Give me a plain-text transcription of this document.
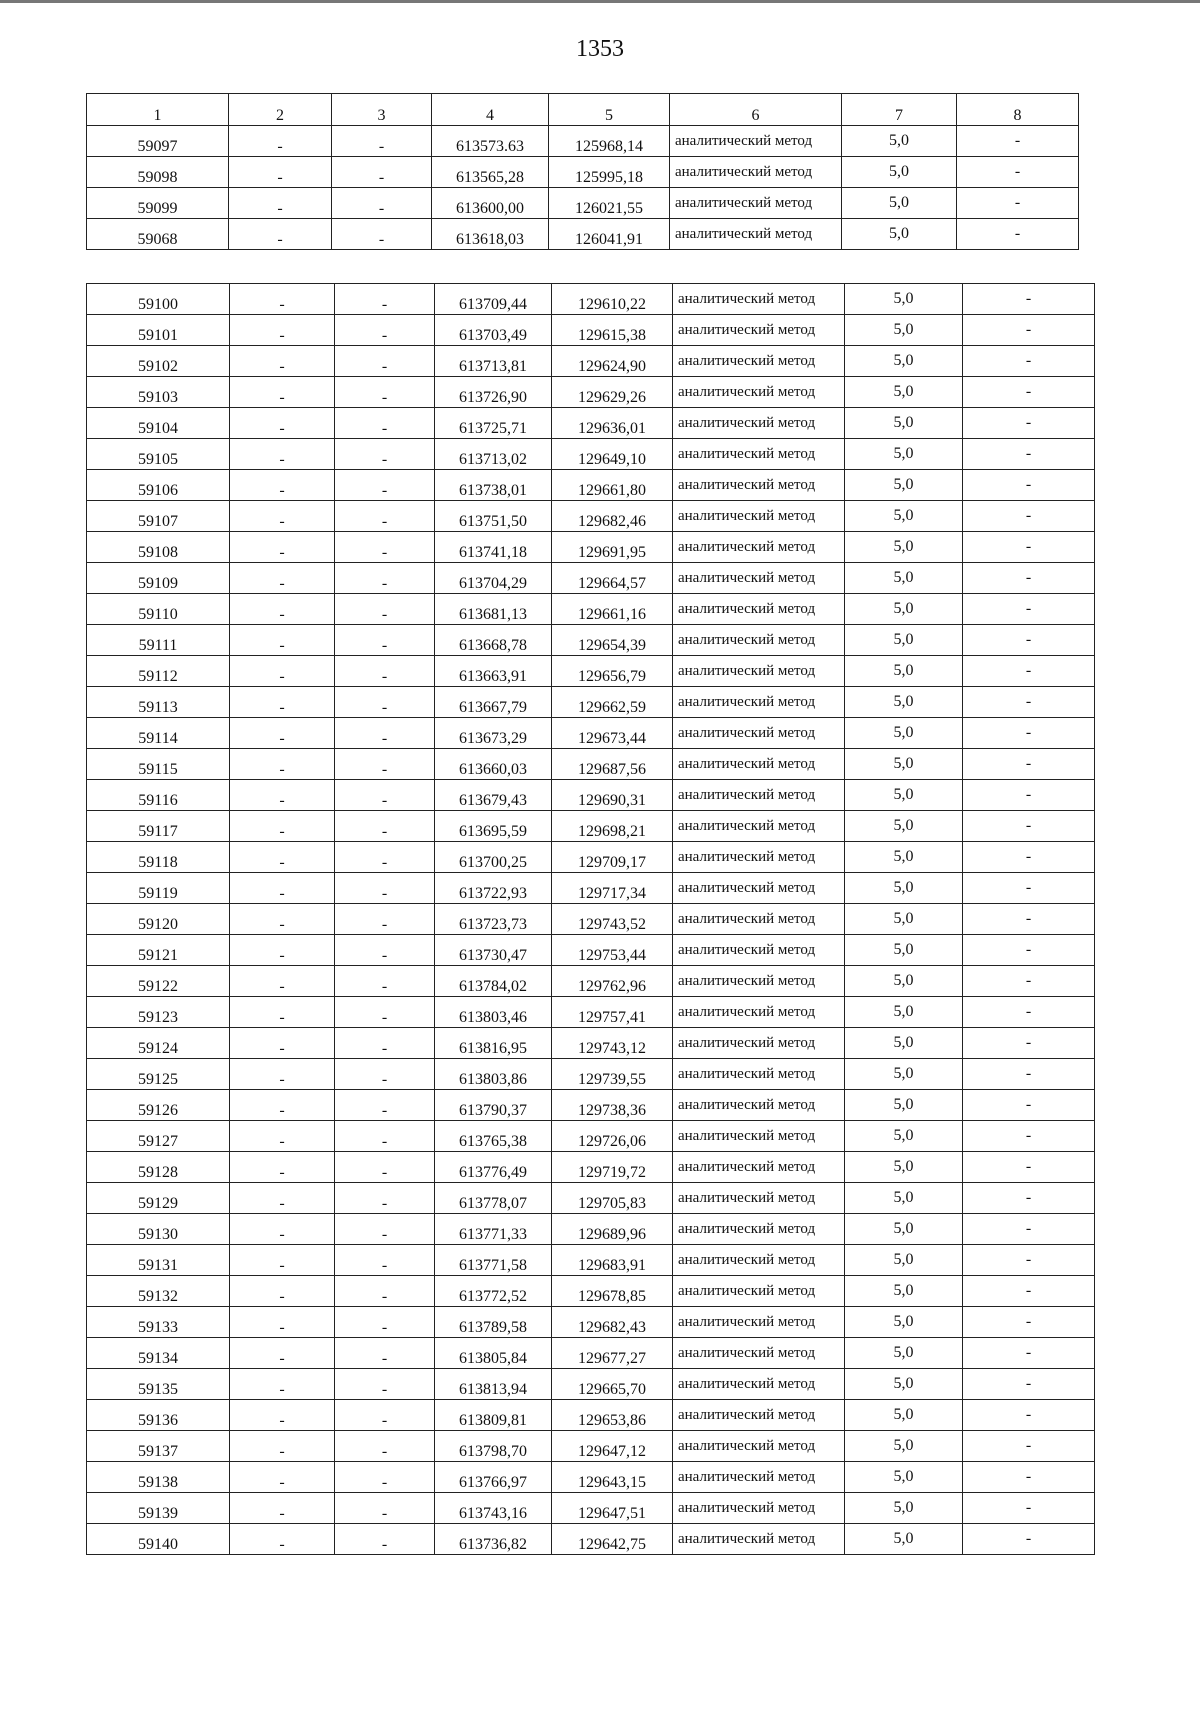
1353
1	2	3	4	5	6	7	8
59097	-	-	613573.63	125968,14	аналитический метод	5,0	-
59098	-	-	613565,28	125995,18	аналитический метод	5,0	-
59099	-	-	613600,00	126021,55	аналитический метод	5,0	-
59068	-	-	613618,03	126041,91	аналитический метод	5,0	-
59100	-	-	613709,44	129610,22	аналитический метод	5,0	-
59101	-	-	613703,49	129615,38	аналитический метод	5,0	-
59102	-	-	613713,81	129624,90	аналитический метод	5,0	-
59103	-	-	613726,90	129629,26	аналитический метод	5,0	-
59104	-	-	613725,71	129636,01	аналитический метод	5,0	-
59105	-	-	613713,02	129649,10	аналитический метод	5,0	-
59106	-	-	613738,01	129661,80	аналитический метод	5,0	-
59107	-	-	613751,50	129682,46	аналитический метод	5,0	-
59108	-	-	613741,18	129691,95	аналитический метод	5,0	-
59109	-	-	613704,29	129664,57	аналитический метод	5,0	-
59110	-	-	613681,13	129661,16	аналитический метод	5,0	-
59111	-	-	613668,78	129654,39	аналитический метод	5,0	-
59112	-	-	613663,91	129656,79	аналитический метод	5,0	-
59113	-	-	613667,79	129662,59	аналитический метод	5,0	-
59114	-	-	613673,29	129673,44	аналитический метод	5,0	-
59115	-	-	613660,03	129687,56	аналитический метод	5,0	-
59116	-	-	613679,43	129690,31	аналитический метод	5,0	-
59117	-	-	613695,59	129698,21	аналитический метод	5,0	-
59118	-	-	613700,25	129709,17	аналитический метод	5,0	-
59119	-	-	613722,93	129717,34	аналитический метод	5,0	-
59120	-	-	613723,73	129743,52	аналитический метод	5,0	-
59121	-	-	613730,47	129753,44	аналитический метод	5,0	-
59122	-	-	613784,02	129762,96	аналитический метод	5,0	-
59123	-	-	613803,46	129757,41	аналитический метод	5,0	-
59124	-	-	613816,95	129743,12	аналитический метод	5,0	-
59125	-	-	613803,86	129739,55	аналитический метод	5,0	-
59126	-	-	613790,37	129738,36	аналитический метод	5,0	-
59127	-	-	613765,38	129726,06	аналитический метод	5,0	-
59128	-	-	613776,49	129719,72	аналитический метод	5,0	-
59129	-	-	613778,07	129705,83	аналитический метод	5,0	-
59130	-	-	613771,33	129689,96	аналитический метод	5,0	-
59131	-	-	613771,58	129683,91	аналитический метод	5,0	-
59132	-	-	613772,52	129678,85	аналитический метод	5,0	-
59133	-	-	613789,58	129682,43	аналитический метод	5,0	-
59134	-	-	613805,84	129677,27	аналитический метод	5,0	-
59135	-	-	613813,94	129665,70	аналитический метод	5,0	-
59136	-	-	613809,81	129653,86	аналитический метод	5,0	-
59137	-	-	613798,70	129647,12	аналитический метод	5,0	-
59138	-	-	613766,97	129643,15	аналитический метод	5,0	-
59139	-	-	613743,16	129647,51	аналитический метод	5,0	-
59140	-	-	613736,82	129642,75	аналитический метод	5,0	-
